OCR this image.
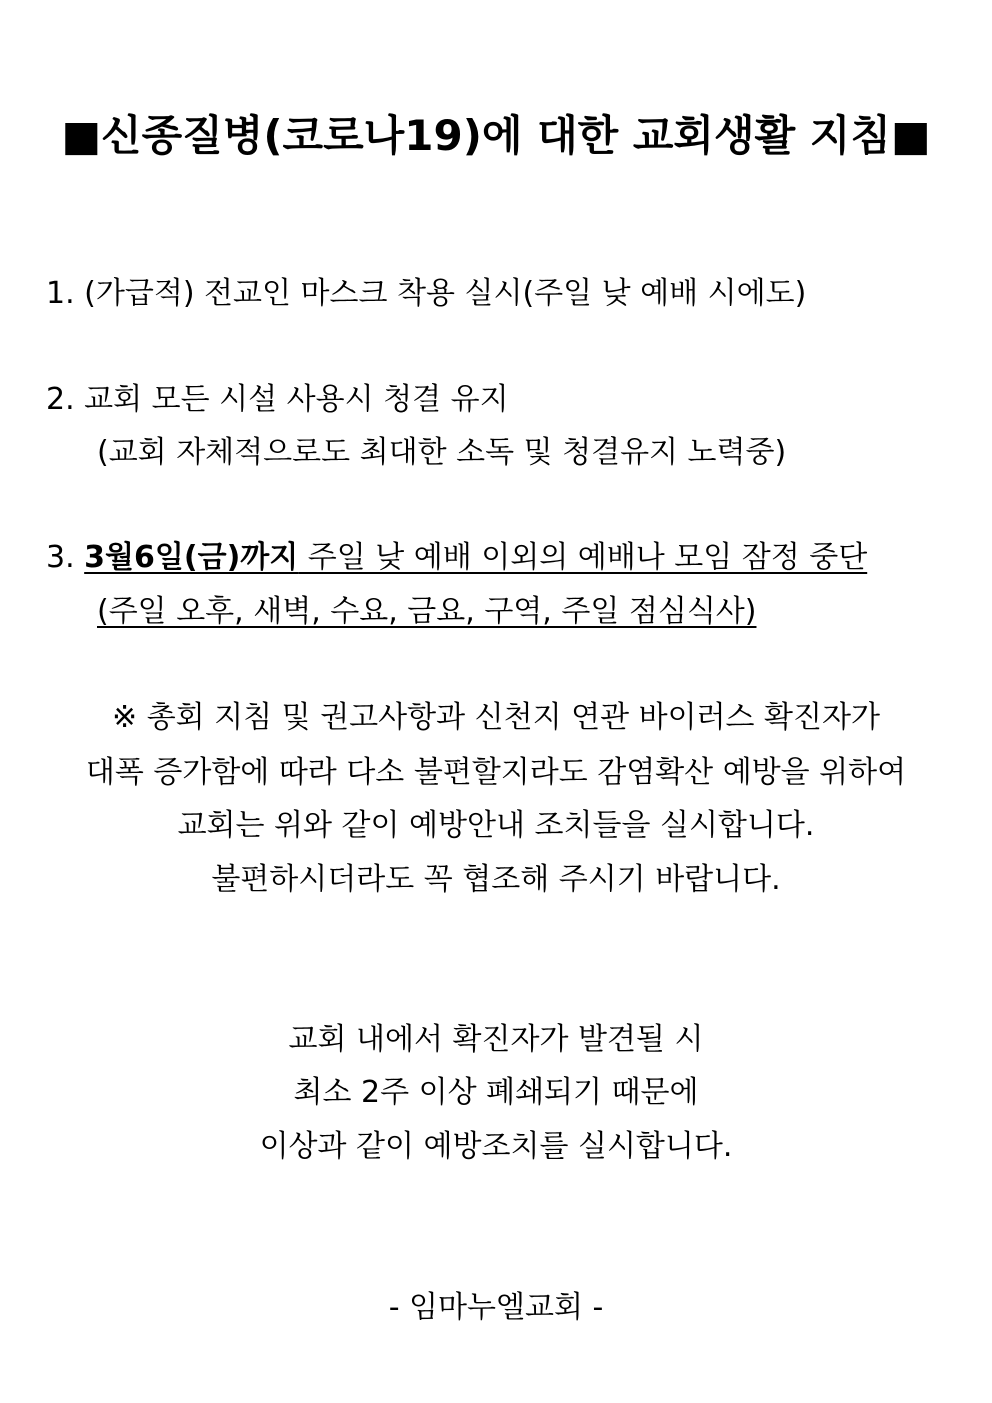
■신종질병(코로나19)에 대한 교회생활 지침■
1. (가급적) 전교인 마스크 착용 실시(주일 낮 예배 시에도)
2. 교회 모든 시설 사용시 청결 유지
(교회 자체적으로도 최대한 소독 및 청결유지 노력중)
3. 3월6일(금)까지 주일 낮 예배 이외의 예배나 모임 잠정 중단
(주일 오후, 새벽, 수요, 금요, 구역, 주일 점심식사)
※ 총회 지침 및 권고사항과 신천지 연관 바이러스 확진자가
대폭 증가함에 따라 다소 불편할지라도 감염확산 예방을 위하여
교회는 위와 같이 예방안내 조치들을 실시합니다.
불편하시더라도 꼭 협조해 주시기 바랍니다.
교회 내에서 확진자가 발견될 시
최소 2주 이상 폐쇄되기 때문에
이상과 같이 예방조치를 실시합니다.
- 임마누엘교회 -
